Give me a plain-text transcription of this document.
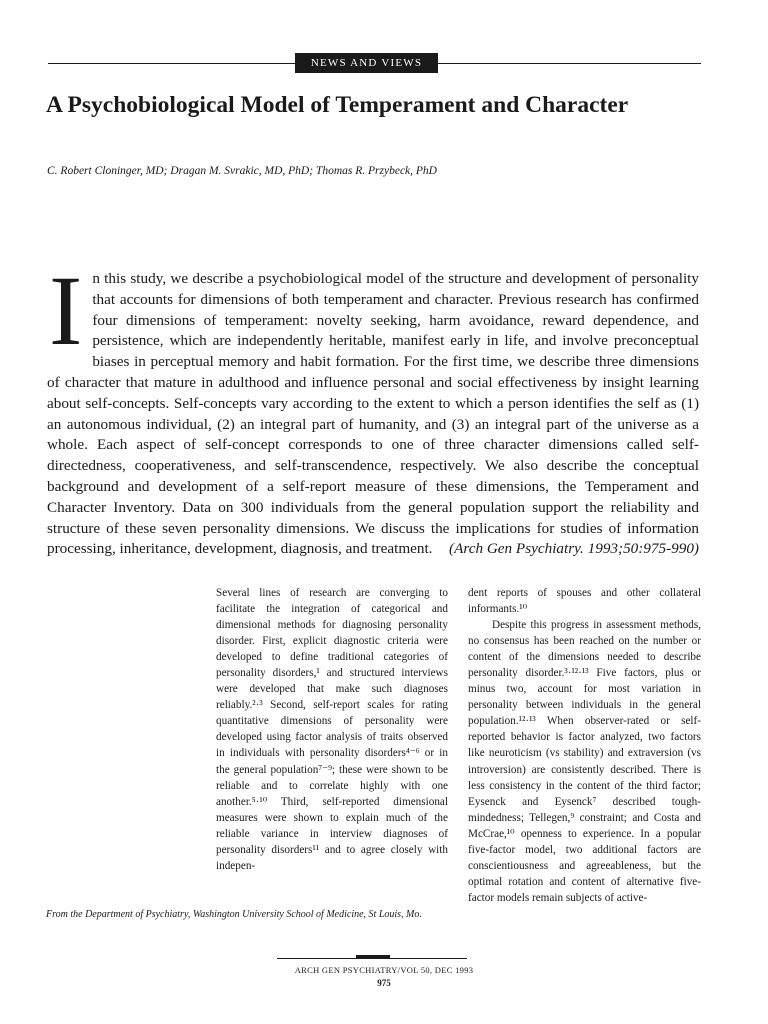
NEWS AND VIEWS
A Psychobiological Model of Temperament and Character
C. Robert Cloninger, MD; Dragan M. Svrakic, MD, PhD; Thomas R. Przybeck, PhD
I n this study, we describe a psychobiological model of the structure and development of personality that accounts for dimensions of both temperament and character. Previous research has confirmed four dimensions of temperament: novelty seeking, harm avoidance, reward dependence, and persistence, which are independently heritable, manifest early in life, and involve preconceptual biases in perceptual memory and habit formation. For the first time, we describe three dimensions of character that mature in adulthood and influence personal and social effectiveness by insight learning about self-concepts. Self-concepts vary according to the extent to which a person identifies the self as (1) an autonomous individual, (2) an integral part of humanity, and (3) an integral part of the universe as a whole. Each aspect of self-concept corresponds to one of three character dimensions called self-directedness, cooperativeness, and self-transcendence, respectively. We also describe the conceptual background and development of a self-report measure of these dimensions, the Temperament and Character Inventory. Data on 300 individuals from the general population support the reliability and structure of these seven personality dimensions. We discuss the implications for studies of information processing, inheritance, development, diagnosis, and treatment. (Arch Gen Psychiatry. 1993;50:975-990)

Several lines of research are converging to facilitate the integration of categorical and dimensional methods for diagnosing personality disorder. First, explicit diagnostic criteria were developed to define traditional categories of personality disorders,¹ and structured interviews were developed that make such diagnoses reliably.²·³ Second, self-report scales for rating quantitative dimensions of personality were developed using factor analysis of traits observed in individuals with personality disorders⁴⁻⁶ or in the general population⁷⁻⁹; these were shown to be reliable and to correlate highly with one another.⁵·¹⁰ Third, self-reported dimensional measures were shown to explain much of the reliable variance in interview diagnoses of personality disorders¹¹ and to agree closely with indepen-

dent reports of spouses and other collateral informants.¹⁰

Despite this progress in assessment methods, no consensus has been reached on the number or content of the dimensions needed to describe personality disorder.³·¹²·¹³ Five factors, plus or minus two, account for most variation in personality between individuals in the general population.¹²·¹³ When observer-rated or self-reported behavior is factor analyzed, two factors like neuroticism (vs stability) and extraversion (vs introversion) are consistently described. There is less consistency in the content of the third factor; Eysenck and Eysenck⁷ described tough-mindedness; Tellegen,⁹ constraint; and Costa and McCrae,¹⁰ openness to experience. In a popular five-factor model, two additional factors are conscientiousness and agreeableness, but the optimal rotation and content of alternative five-factor models remain subjects of active-

From the Department of Psychiatry, Washington University School of Medicine, St Louis, Mo.
ARCH GEN PSYCHIATRY/VOL 50, DEC 1993
975
